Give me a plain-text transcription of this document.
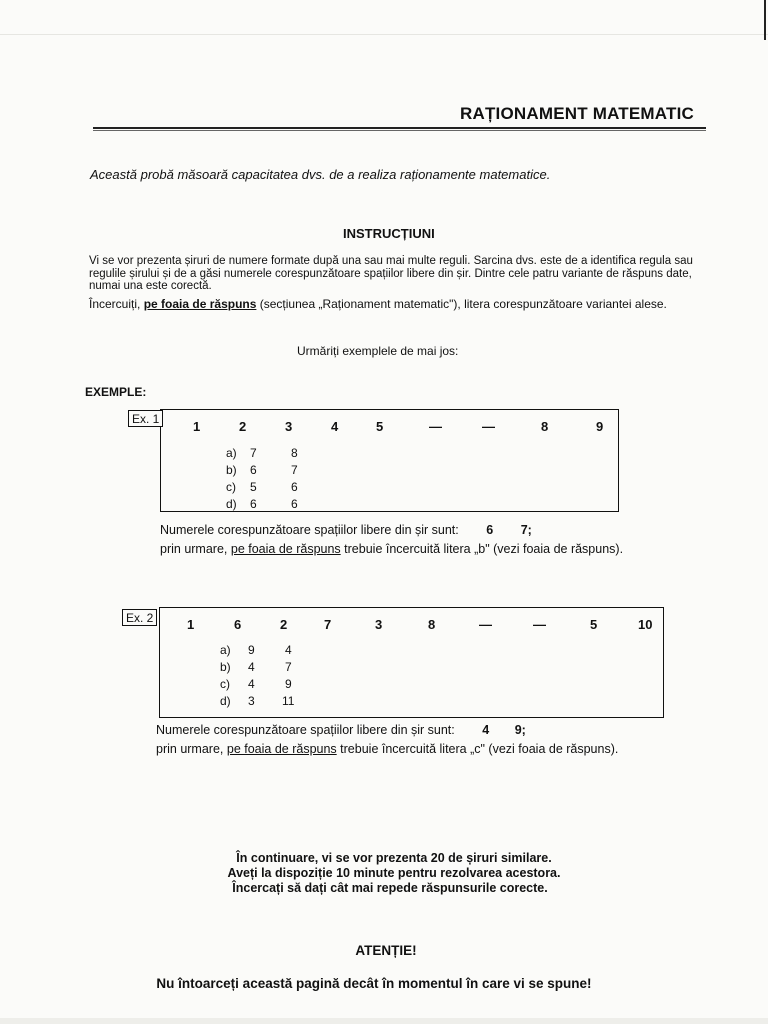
RAȚIONAMENT MATEMATIC
Această probă măsoară capacitatea dvs. de a realiza raționamente matematice.
INSTRUCȚIUNI
Vi se vor prezenta șiruri de numere formate după una sau mai multe reguli. Sarcina dvs. este de a identifica regula sau regulile șirului și de a găsi numerele corespunzătoare spațiilor libere din șir. Dintre cele patru variante de răspuns date, numai una este corectă.
Încercuiți, pe foaia de răspuns (secțiunea „Raționament matematic"), litera corespunzătoare variantei alese.
Urmăriți exemplele de mai jos:
EXEMPLE:
Ex. 1	1	2	3	4	5	—	—	8	9
a) 7	8
b) 6	7
c) 5	6
d) 6	6
Numerele corespunzătoare spațiilor libere din șir sunt: 6 7;
prin urmare, pe foaia de răspuns trebuie încercuită litera „b" (vezi foaia de răspuns).
Ex. 2	1	6	2	7	3	8	—	—	5	10
a) 9	4
b) 4	7
c) 4	9
d) 3 11
Numerele corespunzătoare spațiilor libere din șir sunt: 4 9;
prin urmare, pe foaia de răspuns trebuie încercuită litera „c" (vezi foaia de răspuns).
În continuare, vi se vor prezenta 20 de șiruri similare.
Aveți la dispoziție 10 minute pentru rezolvarea acestora.
Încercați să dați cât mai repede răspunsurile corecte.
ATENȚIE!
Nu întoarceți această pagină decât în momentul în care vi se spune!
